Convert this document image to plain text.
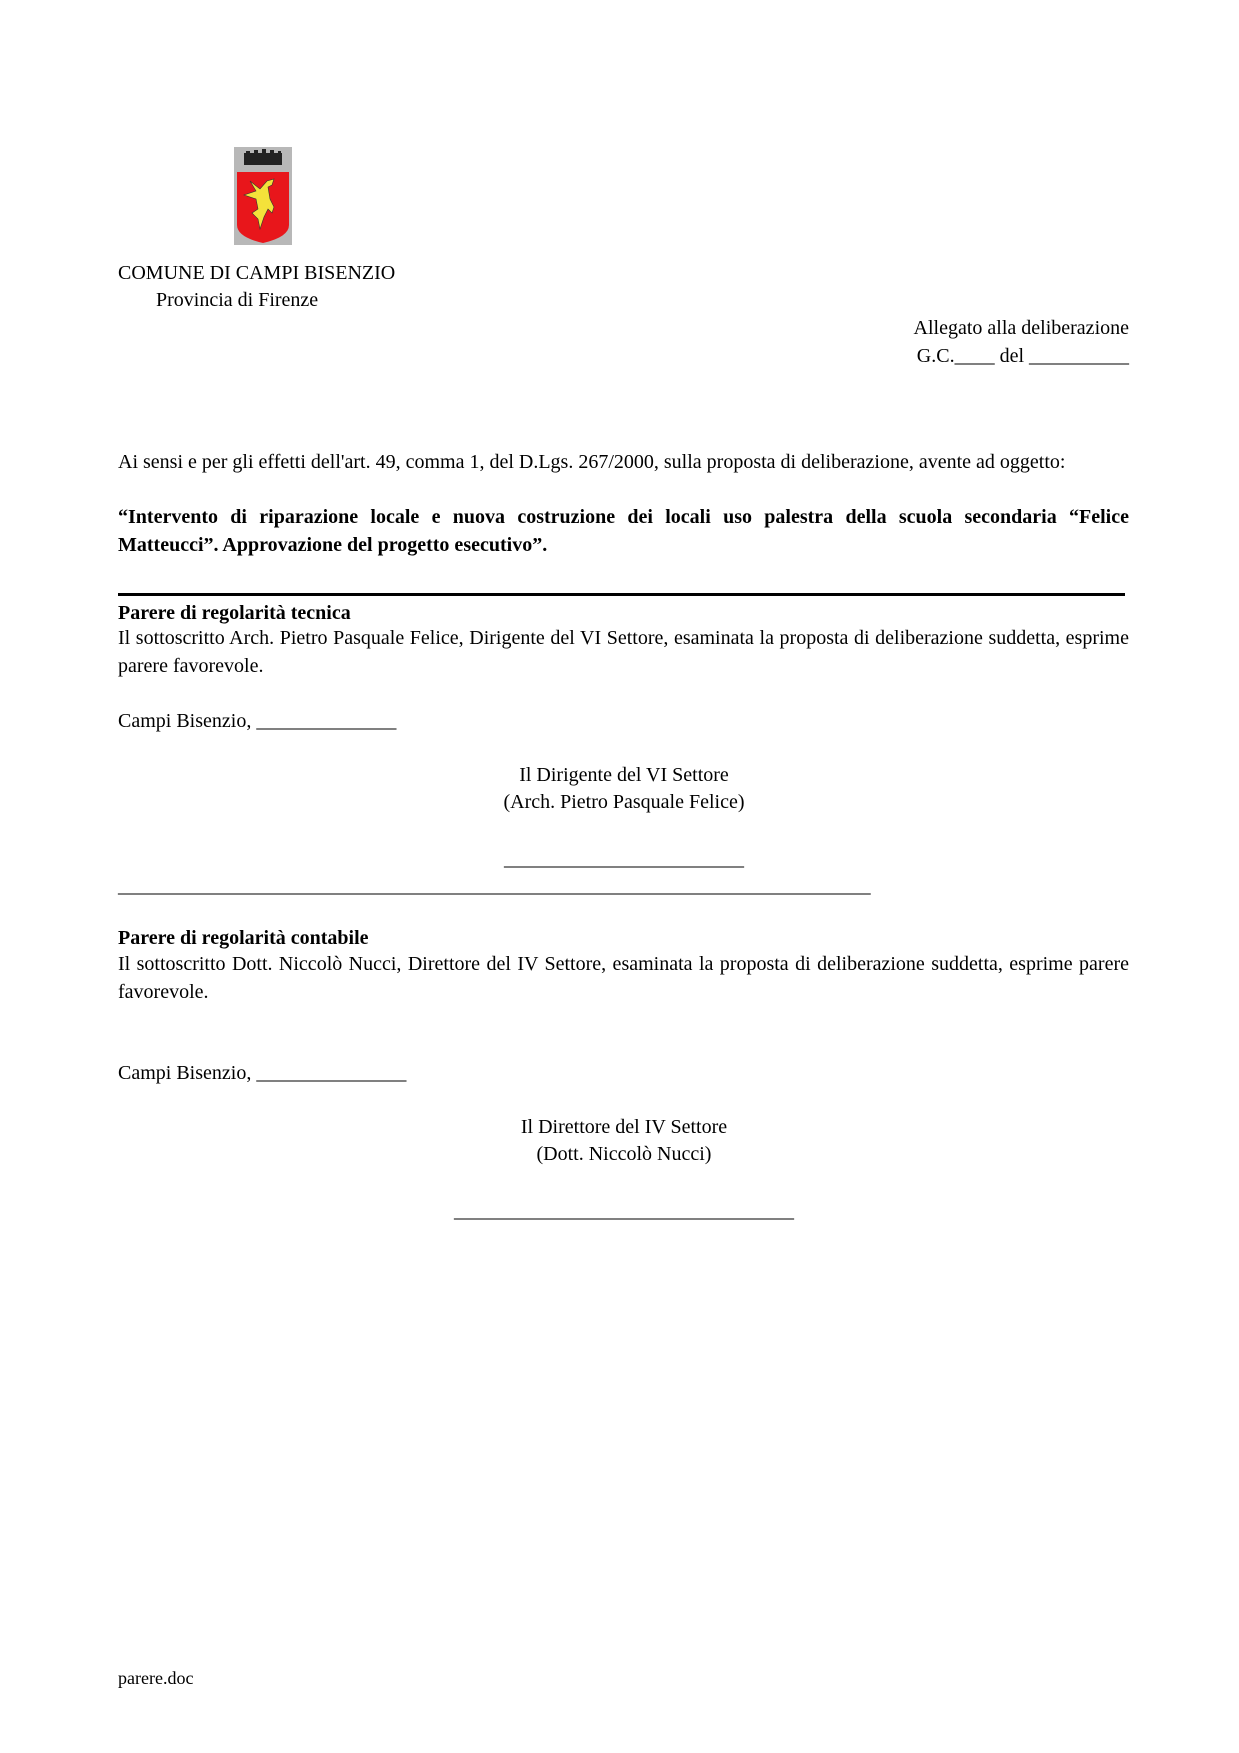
COMUNE DI CAMPI BISENZIO
Provincia di Firenze
Allegato alla deliberazione
G.C.____ del __________
Ai sensi e per gli effetti dell'art. 49, comma 1, del D.Lgs. 267/2000, sulla proposta di deliberazione, avente ad oggetto:
“Intervento di riparazione locale e nuova costruzione dei locali uso palestra della scuola secondaria “Felice Matteucci”. Approvazione del progetto esecutivo”.
Parere di regolarità tecnica
Il sottoscritto Arch. Pietro Pasquale Felice, Dirigente del VI Settore, esaminata la proposta di deliberazione suddetta, esprime parere favorevole.
Campi Bisenzio, ______________
Il Dirigente del VI Settore
(Arch. Pietro Pasquale Felice)
________________________
________________________________________________________________________________
Parere di regolarità contabile
Il sottoscritto Dott. Niccolò Nucci, Direttore del IV Settore, esaminata la proposta di deliberazione suddetta, esprime parere favorevole.
Campi Bisenzio, _______________
Il Direttore del IV Settore
(Dott. Niccolò Nucci)
__________________________________
parere.doc
